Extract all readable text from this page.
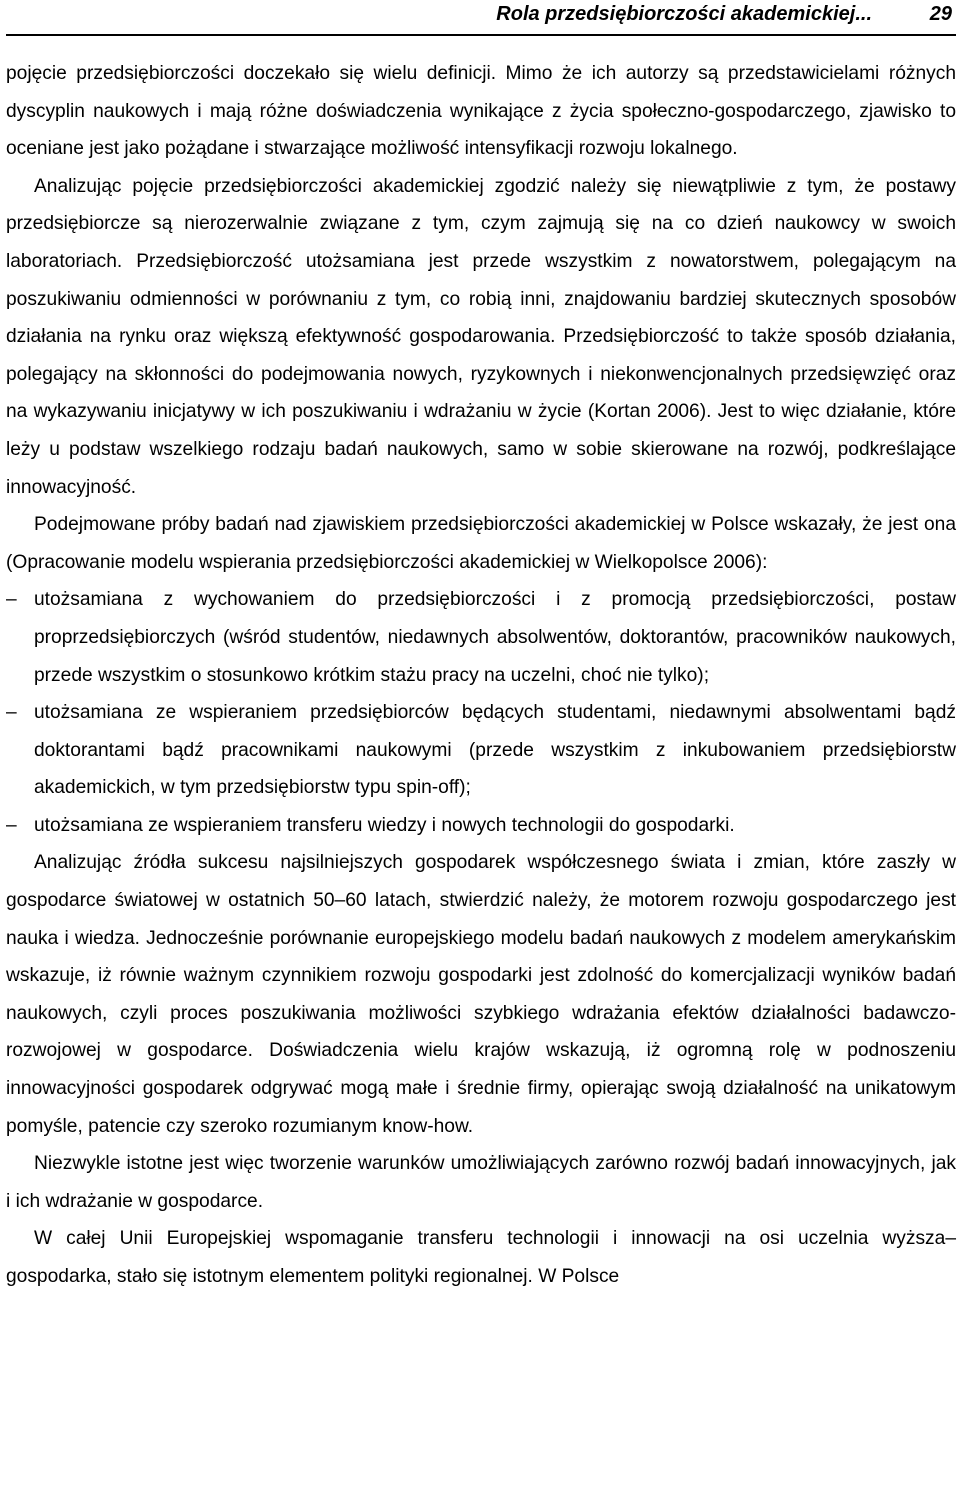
Rola przedsiębiorczości akademickiej...	29

pojęcie przedsiębiorczości doczekało się wielu definicji. Mimo że ich autorzy są przedstawicielami różnych dyscyplin naukowych i mają różne doświadczenia wynikające z życia społeczno-gospodarczego, zjawisko to oceniane jest jako pożądane i stwarzające możliwość intensyfikacji rozwoju lokalnego.

Analizując pojęcie przedsiębiorczości akademickiej zgodzić należy się niewątpliwie z tym, że postawy przedsiębiorcze są nierozerwalnie związane z tym, czym zajmują się na co dzień naukowcy w swoich laboratoriach. Przedsiębiorczość utożsamiana jest przede wszystkim z nowatorstwem, polegającym na poszukiwaniu odmienności w porównaniu z tym, co robią inni, znajdowaniu bardziej skutecznych sposobów działania na rynku oraz większą efektywność gospodarowania. Przedsiębiorczość to także sposób działania, polegający na skłonności do podejmowania nowych, ryzykownych i niekonwencjonalnych przedsięwzięć oraz na wykazywaniu inicjatywy w ich poszukiwaniu i wdrażaniu w życie (Kortan 2006). Jest to więc działanie, które leży u podstaw wszelkiego rodzaju badań naukowych, samo w sobie skierowane na rozwój, podkreślające innowacyjność.

Podejmowane próby badań nad zjawiskiem przedsiębiorczości akademickiej w Polsce wskazały, że jest ona (Opracowanie modelu wspierania przedsiębiorczości akademickiej w Wielkopolsce 2006):

– utożsamiana z wychowaniem do przedsiębiorczości i z promocją przedsiębiorczości, postaw proprzedsiębiorczych (wśród studentów, niedawnych absolwentów, doktorantów, pracowników naukowych, przede wszystkim o stosunkowo krótkim stażu pracy na uczelni, choć nie tylko);
– utożsamiana ze wspieraniem przedsiębiorców będących studentami, niedawnymi absolwentami bądź doktorantami bądź pracownikami naukowymi (przede wszystkim z inkubowaniem przedsiębiorstw akademickich, w tym przedsiębiorstw typu spin-off);
– utożsamiana ze wspieraniem transferu wiedzy i nowych technologii do gospodarki.

Analizując źródła sukcesu najsilniejszych gospodarek współczesnego świata i zmian, które zaszły w gospodarce światowej w ostatnich 50–60 latach, stwierdzić należy, że motorem rozwoju gospodarczego jest nauka i wiedza. Jednocześnie porównanie europejskiego modelu badań naukowych z modelem amerykańskim wskazuje, iż równie ważnym czynnikiem rozwoju gospodarki jest zdolność do komercjalizacji wyników badań naukowych, czyli proces poszukiwania możliwości szybkiego wdrażania efektów działalności badawczo-rozwojowej w gospodarce. Doświadczenia wielu krajów wskazują, iż ogromną rolę w podnoszeniu innowacyjności gospodarek odgrywać mogą małe i średnie firmy, opierając swoją działalność na unikatowym pomyśle, patencie czy szeroko rozumianym know-how.

Niezwykle istotne jest więc tworzenie warunków umożliwiających zarówno rozwój badań innowacyjnych, jak i ich wdrażanie w gospodarce.

W całej Unii Europejskiej wspomaganie transferu technologii i innowacji na osi uczelnia wyższa–gospodarka, stało się istotnym elementem polityki regionalnej. W Polsce
